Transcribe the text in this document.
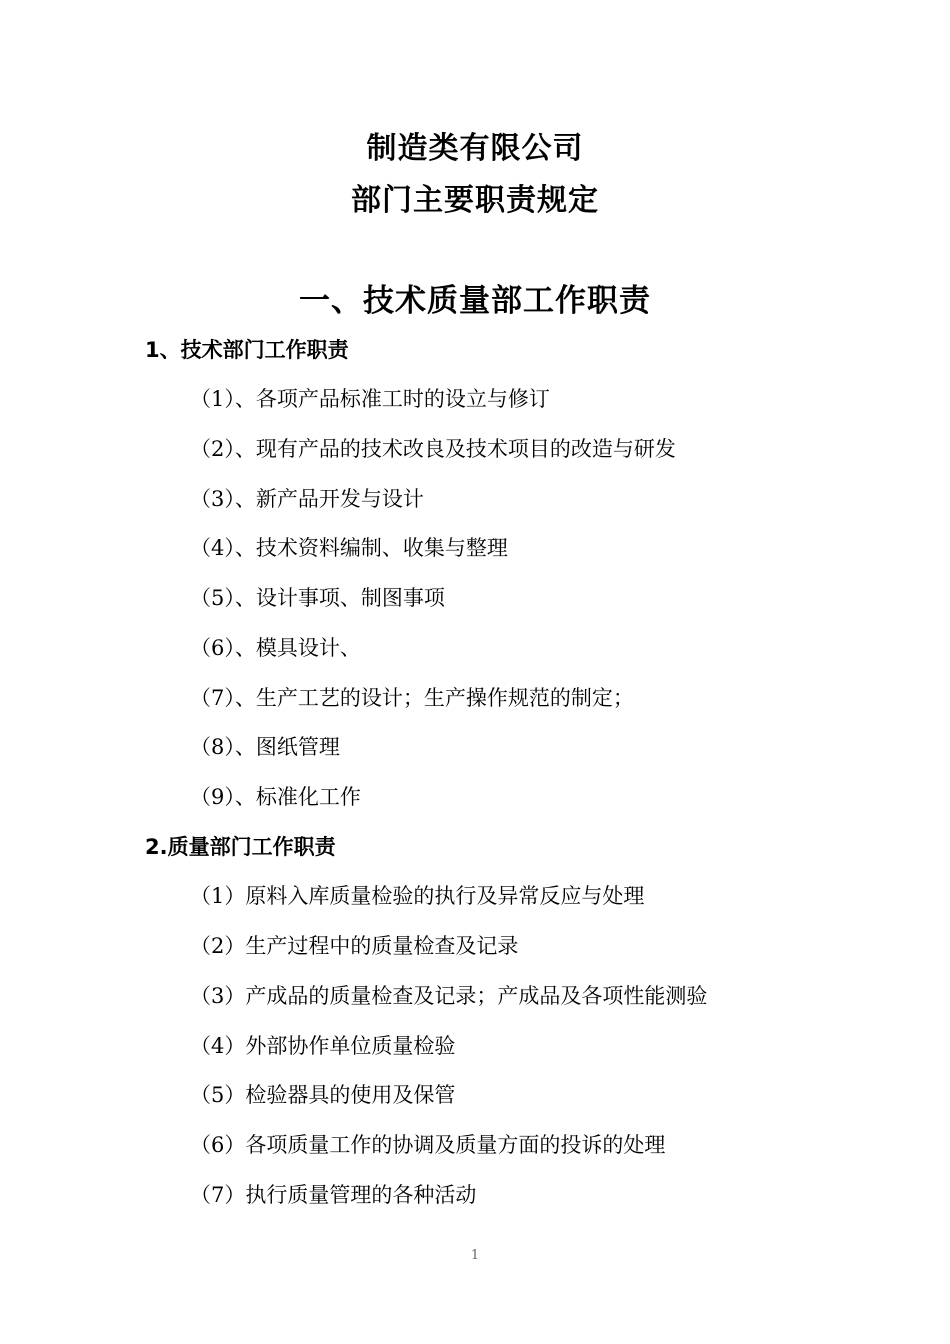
制造类有限公司
部门主要职责规定
一、技术质量部工作职责
1、技术部门工作职责
（1）、各项产品标准工时的设立与修订
（2）、现有产品的技术改良及技术项目的改造与研发
（3）、新产品开发与设计
（4）、技术资料编制、收集与整理
（5）、设计事项、制图事项
（6）、模具设计、
（7）、生产工艺的设计；生产操作规范的制定；
（8）、图纸管理
（9）、标准化工作
2.质量部门工作职责
（1）原料入库质量检验的执行及异常反应与处理
（2）生产过程中的质量检查及记录
（3）产成品的质量检查及记录；产成品及各项性能测验
（4）外部协作单位质量检验
（5）检验器具的使用及保管
（6）各项质量工作的协调及质量方面的投诉的处理
（7）执行质量管理的各种活动
1
